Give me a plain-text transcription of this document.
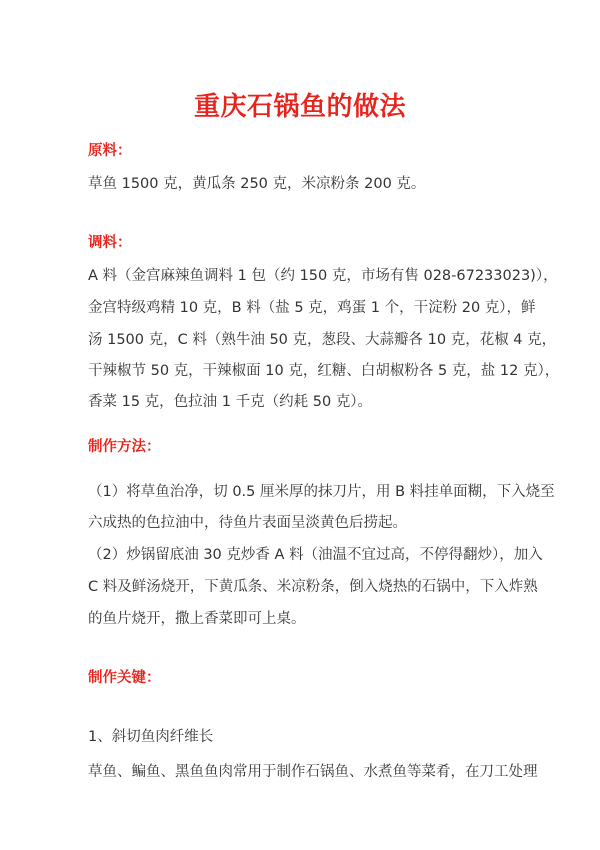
重庆石锅鱼的做法
原料：
草鱼 1500 克，黄瓜条 250 克，米凉粉条 200 克。
调料：
A 料（金宫麻辣鱼调料 1 包（约 150 克，市场有售 028-67233023)），
金宫特级鸡精 10 克，B 料（盐 5 克，鸡蛋 1 个，干淀粉 20 克），鲜
汤 1500 克，C 料（熟牛油 50 克，葱段、大蒜瓣各 10 克，花椒 4 克，
干辣椒节 50 克，干辣椒面 10 克，红糖、白胡椒粉各 5 克，盐 12 克），
香菜 15 克，色拉油 1 千克（约耗 50 克）。
制作方法：
（1）将草鱼治净，切 0.5 厘米厚的抹刀片，用 B 料挂单面糊，下入烧至
六成热的色拉油中，待鱼片表面呈淡黄色后捞起。
（2）炒锅留底油 30 克炒香 A 料（油温不宜过高，不停得翻炒），加入
C 料及鲜汤烧开，下黄瓜条、米凉粉条，倒入烧热的石锅中，下入炸熟
的鱼片烧开，撒上香菜即可上桌。
制作关键：
1、斜切鱼肉纤维长
草鱼、鳊鱼、黑鱼鱼肉常用于制作石锅鱼、水煮鱼等菜肴，在刀工处理
